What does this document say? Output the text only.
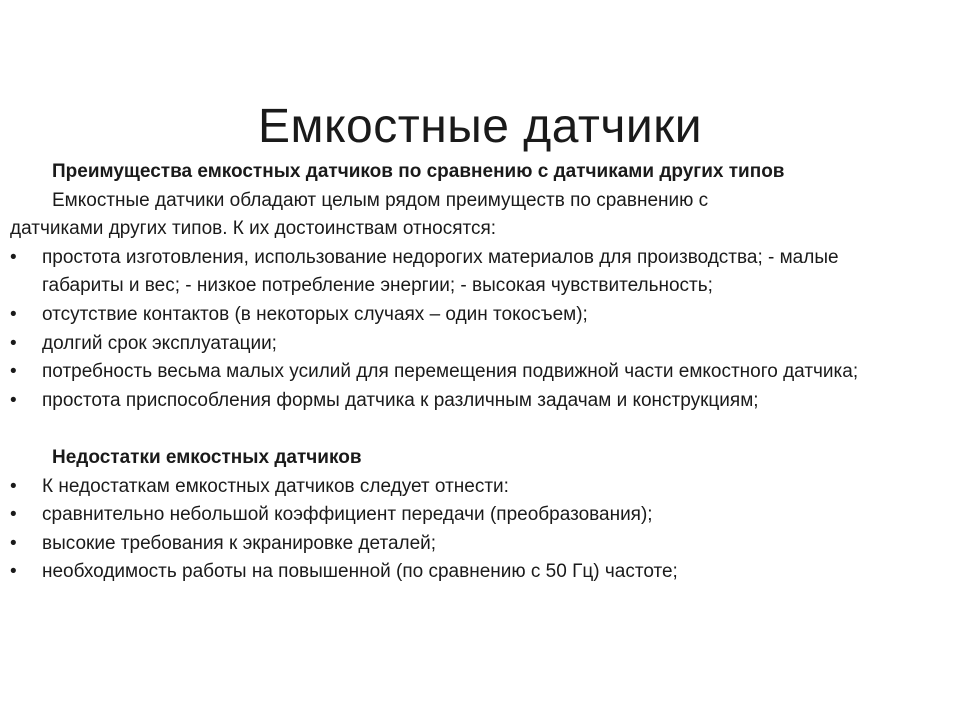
Емкостные датчики
Преимущества емкостных датчиков по сравнению с датчиками других типов
Емкостные датчики обладают целым рядом преимуществ по сравнению с
датчиками других типов. К их достоинствам относятся:
•	простота изготовления, использование недорогих материалов для производства; - малые габариты и вес; - низкое потребление энергии; - высокая чувствительность;
•	отсутствие контактов (в некоторых случаях – один токосъем);
•	долгий срок эксплуатации;
•	потребность весьма малых усилий для перемещения подвижной части емкостного датчика;
•	простота приспособления формы датчика к различным задачам и конструкциям;
Недостатки емкостных датчиков
•	К недостаткам емкостных датчиков следует отнести:
•	сравнительно небольшой коэффициент передачи (преобразования);
•	высокие требования к экранировке деталей;
•	необходимость работы на повышенной (по сравнению с 50 Гц) частоте;
